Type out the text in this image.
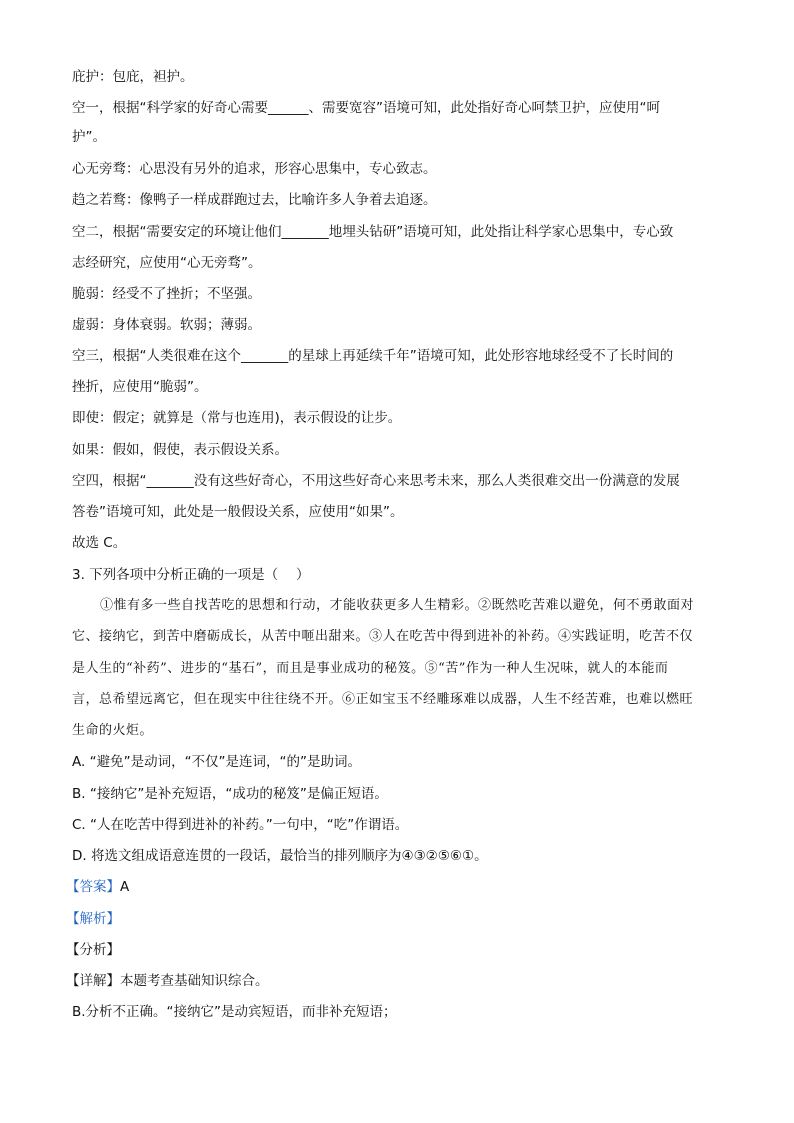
庇护：包庇，袒护。
空一，根据“科学家的好奇心需要______、需要宽容”语境可知，此处指好奇心呵禁卫护，应使用“呵
护”。
心无旁骛：心思没有另外的追求，形容心思集中，专心致志。
趋之若鹜：像鸭子一样成群跑过去，比喻许多人争着去追逐。
空二，根据“需要安定的环境让他们_______地埋头钻研”语境可知，此处指让科学家心思集中，专心致
志经研究，应使用“心无旁骛”。
脆弱：经受不了挫折；不坚强。
虚弱：身体衰弱。软弱；薄弱。
空三，根据“人类很难在这个_______的星球上再延续千年”语境可知，此处形容地球经受不了长时间的
挫折，应使用“脆弱”。
即使：假定；就算是（常与也连用)，表示假设的让步。
如果：假如，假使，表示假设关系。
空四，根据“_______没有这些好奇心，不用这些好奇心来思考未来，那么人类很难交出一份满意的发展
答卷”语境可知，此处是一般假设关系，应使用“如果”。
故选 C。
3. 下列各项中分析正确的一项是（　 ）
①惟有多一些自找苦吃的思想和行动，才能收获更多人生精彩。②既然吃苦难以避免，何不勇敢面对
它、接纳它，到苦中磨砺成长，从苦中咂出甜来。③人在吃苦中得到进补的补药。④实践证明，吃苦不仅
是人生的“补药”、进步的“基石”，而且是事业成功的秘笈。⑤“苦”作为一种人生况味，就人的本能而
言，总希望远离它，但在现实中往往绕不开。⑥正如宝玉不经雕琢难以成器，人生不经苦难，也难以燃旺
生命的火炬。
A. “避免”是动词，“不仅”是连词，“的”是助词。
B. “接纳它”是补充短语，“成功的秘笈”是偏正短语。
C. “人在吃苦中得到进补的补药。”一句中，“吃”作谓语。
D. 将选文组成语意连贯的一段话，最恰当的排列顺序为④③②⑤⑥①。
【答案】A
【解析】
【分析】
【详解】本题考查基础知识综合。
B.分析不正确。“接纳它”是动宾短语，而非补充短语；
